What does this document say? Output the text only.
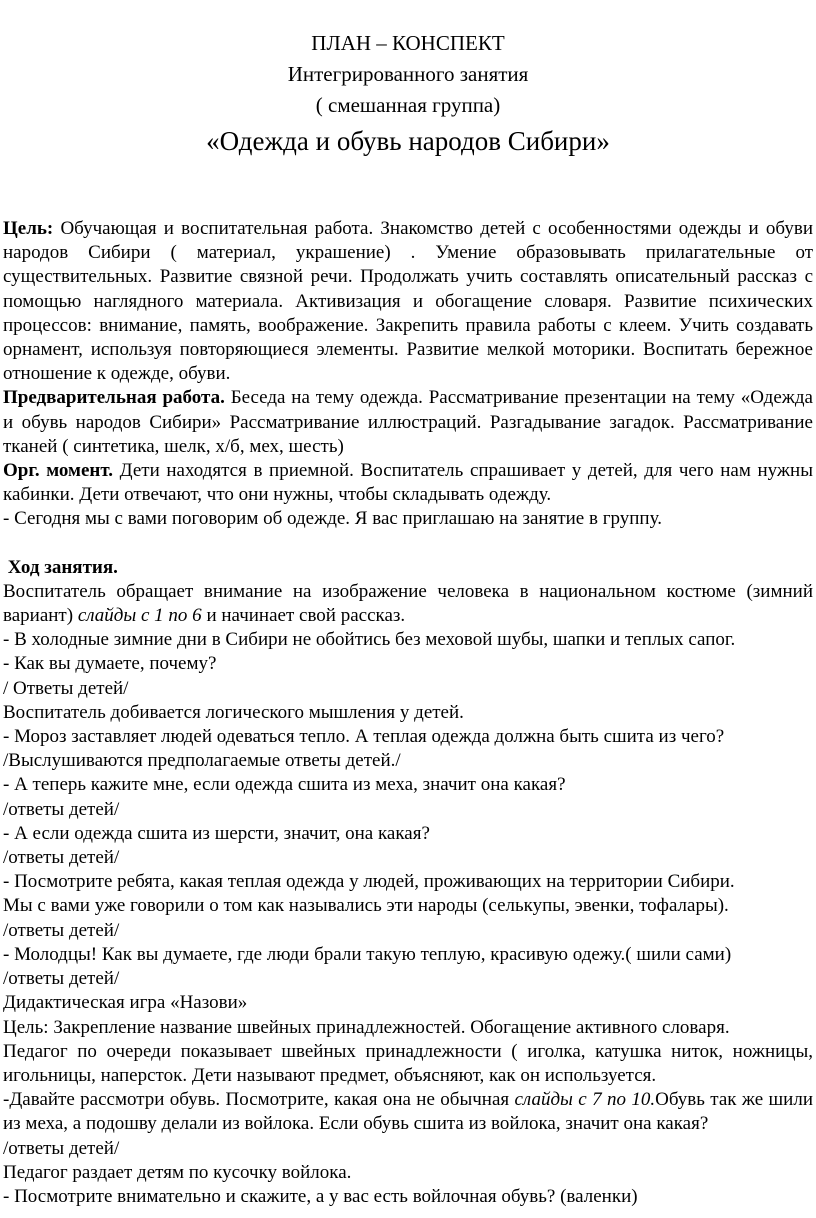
ПЛАН – КОНСПЕКТ
Интегрированного занятия
( смешанная группа)
«Одежда и обувь народов Сибири»

Цель: Обучающая и воспитательная работа. Знакомство детей с особенностями одежды и обуви народов Сибири ( материал, украшение) . Умение образовывать прилагательные от существительных. Развитие связной речи. Продолжать учить составлять описательный рассказ с помощью наглядного материала. Активизация и обогащение словаря. Развитие психических процессов: внимание, память, воображение. Закрепить правила работы с клеем. Учить создавать орнамент, используя повторяющиеся элементы. Развитие мелкой моторики. Воспитать бережное отношение к одежде, обуви.

Предварительная работа. Беседа на тему одежда. Рассматривание презентации на тему «Одежда и обувь народов Сибири» Рассматривание иллюстраций. Разгадывание загадок. Рассматривание тканей ( синтетика, шелк, х/б, мех, шесть)

Орг. момент. Дети находятся в приемной. Воспитатель спрашивает у детей, для чего нам нужны кабинки. Дети отвечают, что они нужны, чтобы складывать одежду.

- Сегодня мы с вами поговорим об одежде. Я вас приглашаю на занятие в группу.
Ход занятия.

Воспитатель обращает внимание на изображение человека в национальном костюме (зимний вариант) слайды с 1 по 6 и начинает свой рассказ.

- В холодные зимние дни в Сибири не обойтись без меховой шубы, шапки и теплых сапог.
- Как вы думаете, почему?
/ Ответы детей/
Воспитатель добивается логического мышления у детей.
- Мороз заставляет людей одеваться тепло. А теплая одежда должна быть сшита из чего?
/Выслушиваются предполагаемые ответы детей./
- А теперь кажите мне, если одежда сшита из меха, значит она какая?
/ответы детей/
- А если одежда сшита из шерсти, значит, она какая?
/ответы детей/
- Посмотрите ребята, какая теплая одежда у людей, проживающих на территории Сибири.
Мы с вами уже говорили о том как назывались эти народы (селькупы, эвенки, тофалары).
/ответы детей/
- Молодцы! Как вы думаете, где люди брали такую теплую, красивую одежу.( шили сами)
/ответы детей/
Дидактическая игра «Назови»
Цель: Закрепление название швейных принадлежностей. Обогащение активного словаря.

Педагог по очереди показывает швейных принадлежности ( иголка, катушка ниток, ножницы, игольницы, наперсток. Дети называют предмет, объясняют, как он используется.

-Давайте рассмотри обувь. Посмотрите, какая она не обычная слайды с 7 по 10.Обувь так же шили из меха, а подошву делали из войлока. Если обувь сшита из войлока, значит она какая?

/ответы детей/
Педагог раздает детям по кусочку войлока.
- Посмотрите внимательно и скажите, а у вас есть войлочная обувь? (валенки)
